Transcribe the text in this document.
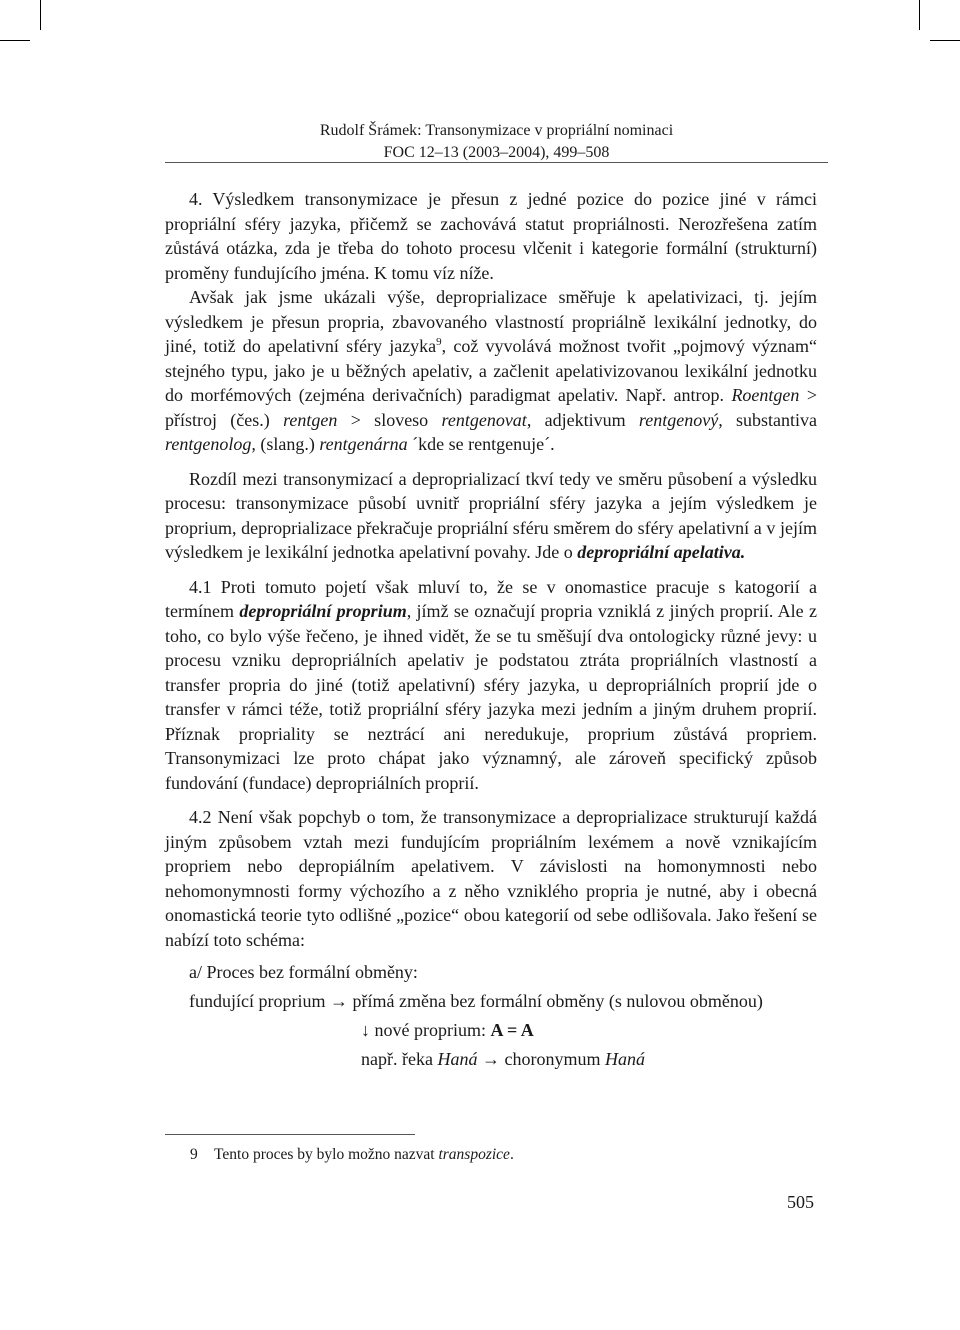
Rudolf Šrámek: Transonymizace v propriální nominaci
FOC 12–13 (2003–2004), 499–508

4. Výsledkem transonymizace je přesun z jedné pozice do pozice jiné v rámci propriální sféry jazyka, přičemž se zachovává statut propriálnosti. Nerozřešena zatím zůstává otázka, zda je třeba do tohoto procesu vlčenit i kategorie formální (strukturní) proměny fundujícího jména. K tomu víz níže.

Avšak jak jsme ukázali výše, deproprializace směřuje k apelativizaci, tj. jejím výsledkem je přesun propria, zbavovaného vlastností propriálně lexikální jednotky, do jiné, totiž do apelativní sféry jazyka$^9$, což vyvolává možnost tvořit „pojmový význam“ stejného typu, jako je u běžných apelativ, a začlenit apelativizovanou lexikální jednotku do morfémových (zejména derivačních) paradigmat apelativ. Např. antrop. Roentgen > přístroj (čes.) rentgen > sloveso rentgenovat, adjektivum rentgenový, substantiva rentgenolog, (slang.) rentgenárna ´kde se rentgenuje´.

Rozdíl mezi transonymizací a deproprializací tkví tedy ve směru působení a výsledku procesu: transonymizace působí uvnitř propriální sféry jazyka a jejím výsledkem je proprium, deproprializace překračuje propriální sféru směrem do sféry apelativní a v jejím výsledkem je lexikální jednotka apelativní povahy. Jde o depropriální apelativa.

4.1 Proti tomuto pojetí však mluví to, že se v onomastice pracuje s katogorií a termínem depropriální proprium, jímž se označují propria vzniklá z jiných proprií. Ale z toho, co bylo výše řečeno, je ihned vidět, že se tu směšují dva ontologicky různé jevy: u procesu vzniku depropriálních apelativ je podstatou ztráta propriálních vlastností a transfer propria do jiné (totiž apelativní) sféry jazyka, u depropriálních proprií jde o transfer v rámci téže, totiž propriální sféry jazyka mezi jedním a jiným druhem proprií. Příznak propriality se neztrácí ani neredukuje, proprium zůstává propriem. Transonymizaci lze proto chápat jako významný, ale zároveň specifický způsob fundování (fundace) depropriálních proprií.

4.2 Není však popchyb o tom, že transonymizace a deproprializace strukturují každá jiným způsobem vztah mezi fundujícím propriálním lexémem a nově vznikajícím propriem nebo depropiálním apelativem. V závislosti na homonymnosti nebo nehomonymnosti formy výchozího a z něho vzniklého propria je nutné, aby i obecná onomastická teorie tyto odlišné „pozice“ obou kategorií od sebe odlišovala. Jako řešení se nabízí toto schéma:

a/ Proces bez formální obměny:
fundující proprium → přímá změna bez formální obměny (s nulovou obměnou)
↓ nové proprium: A = A
např. řeka Haná → choronymum Haná
9 Tento proces by bylo možno nazvat transpozice.
505
